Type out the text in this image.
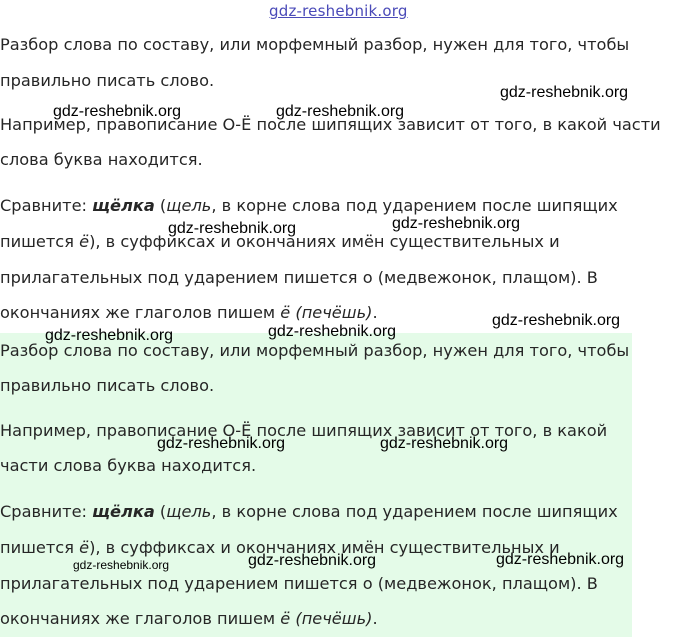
gdz-reshebnik.org
Разбор слова по составу, или морфемный разбор, нужен для того, чтобы
правильно писать слово.
Например, правописание О-Ё после шипящих зависит от того, в какой части
слова буква находится.
Сравните: щёлка (щель, в корне слова под ударением после шипящих
пишется ё), в суффиксах и окончаниях имён существительных и
прилагательных под ударением пишется о (медвежонок, плащом). В
окончаниях же глаголов пишем ё (печёшь).
Разбор слова по составу, или морфемный разбор, нужен для того, чтобы
правильно писать слово.
Например, правописание О-Ё после шипящих зависит от того, в какой
части слова буква находится.
Сравните: щёлка (щель, в корне слова под ударением после шипящих
пишется ё), в суффиксах и окончаниях имён существительных и
прилагательных под ударением пишется о (медвежонок, плащом). В
окончаниях же глаголов пишем ё (печёшь).
gdz-reshebnik.org
gdz-reshebnik.org	gdz-reshebnik.org
gdz-reshebnik.org	gdz-reshebnik.org
gdz-reshebnik.org
gdz-reshebnik.org	gdz-reshebnik.org
gdz-reshebnik.org	gdz-reshebnik.org
gdz-reshebnik.org	gdz-reshebnik.org	gdz-reshebnik.org
